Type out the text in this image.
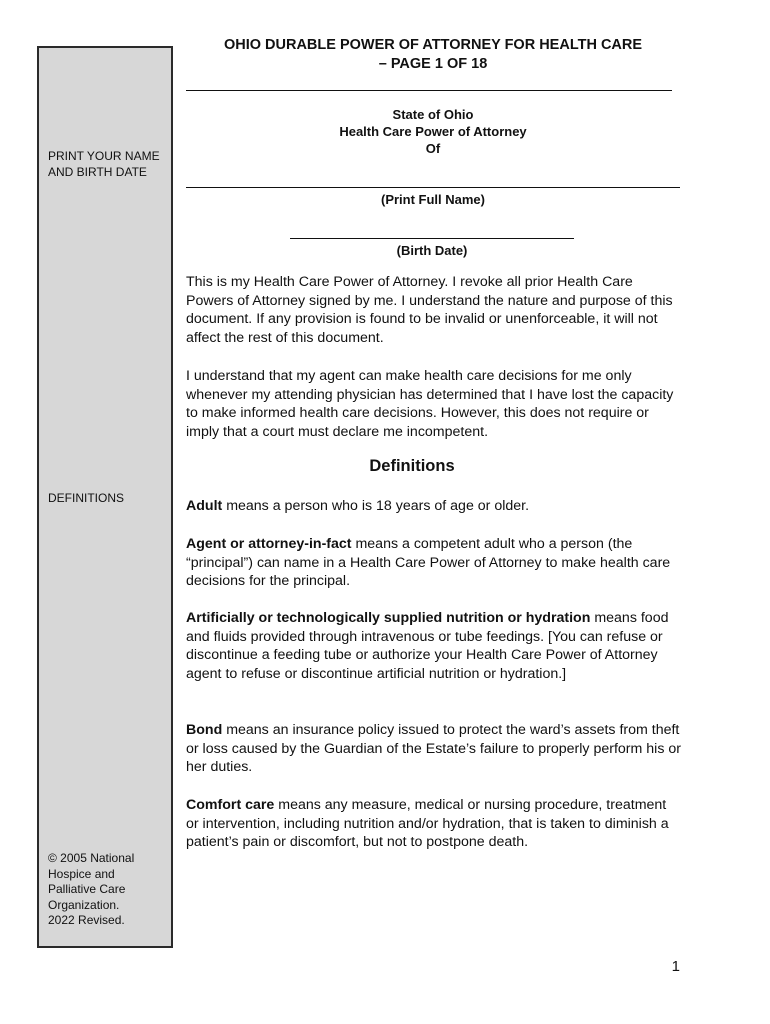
PRINT YOUR NAME
AND BIRTH DATE
DEFINITIONS
© 2005 National
Hospice and
Palliative Care
Organization.
2022 Revised.
OHIO DURABLE POWER OF ATTORNEY FOR HEALTH CARE
– PAGE 1 OF 18
State of Ohio
Health Care Power of Attorney
Of
(Print Full Name)
(Birth Date)

This is my Health Care Power of Attorney. I revoke all prior Health Care Powers of Attorney signed by me. I understand the nature and purpose of this document. If any provision is found to be invalid or unenforceable, it will not affect the rest of this document.

I understand that my agent can make health care decisions for me only whenever my attending physician has determined that I have lost the capacity to make informed health care decisions. However, this does not require or imply that a court must declare me incompetent.

Definitions

Adult means a person who is 18 years of age or older.

Agent or attorney-in-fact means a competent adult who a person (the “principal”) can name in a Health Care Power of Attorney to make health care decisions for the principal.

Artificially or technologically supplied nutrition or hydration means food and fluids provided through intravenous or tube feedings. [You can refuse or discontinue a feeding tube or authorize your Health Care Power of Attorney agent to refuse or discontinue artificial nutrition or hydration.]

Bond means an insurance policy issued to protect the ward’s assets from theft or loss caused by the Guardian of the Estate’s failure to properly perform his or her duties.

Comfort care means any measure, medical or nursing procedure, treatment or intervention, including nutrition and/or hydration, that is taken to diminish a patient’s pain or discomfort, but not to postpone death.

1
